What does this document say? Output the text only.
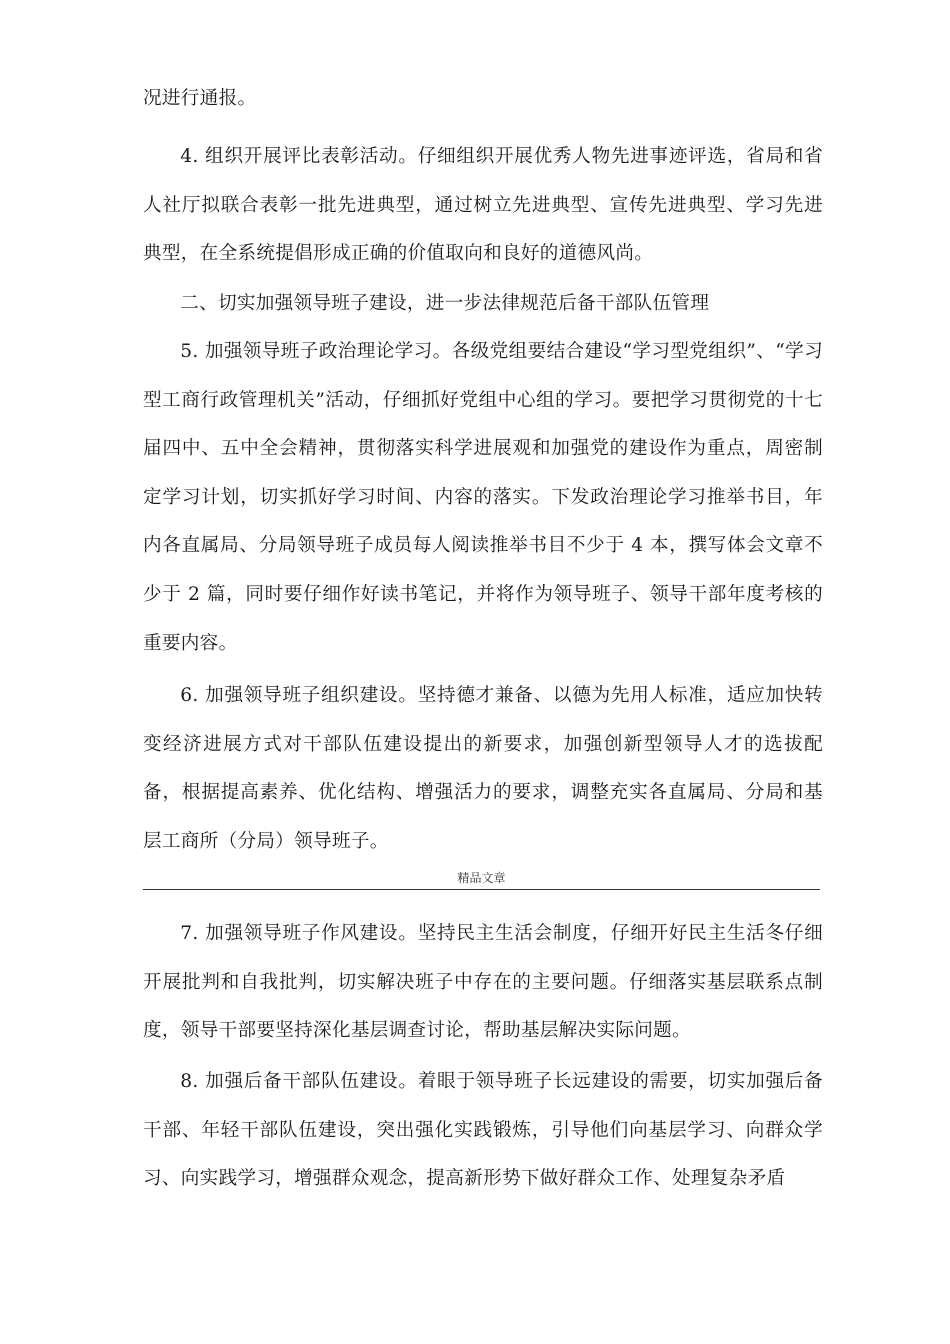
况进行通报。

4. 组织开展评比表彰活动。仔细组织开展优秀人物先进事迹评选，省局和省人社厅拟联合表彰一批先进典型，通过树立先进典型、宣传先进典型、学习先进典型，在全系统提倡形成正确的价值取向和良好的道德风尚。

二、切实加强领导班子建设，进一步法律规范后备干部队伍管理

5. 加强领导班子政治理论学习。各级党组要结合建设“学习型党组织”、“学习型工商行政管理机关”活动，仔细抓好党组中心组的学习。要把学习贯彻党的十七届四中、五中全会精神，贯彻落实科学进展观和加强党的建设作为重点，周密制定学习计划，切实抓好学习时间、内容的落实。下发政治理论学习推举书目，年内各直属局、分局领导班子成员每人阅读推举书目不少于 4 本，撰写体会文章不少于 2 篇，同时要仔细作好读书笔记，并将作为领导班子、领导干部年度考核的重要内容。

6. 加强领导班子组织建设。坚持德才兼备、以德为先用人标准，适应加快转变经济进展方式对干部队伍建设提出的新要求，加强创新型领导人才的选拔配备，根据提高素养、优化结构、增强活力的要求，调整充实各直属局、分局和基层工商所（分局）领导班子。

精品文章

7. 加强领导班子作风建设。坚持民主生活会制度，仔细开好民主生活冬仔细开展批判和自我批判，切实解决班子中存在的主要问题。仔细落实基层联系点制度，领导干部要坚持深化基层调查讨论，帮助基层解决实际问题。

8. 加强后备干部队伍建设。着眼于领导班子长远建设的需要，切实加强后备干部、年轻干部队伍建设，突出强化实践锻炼，引导他们向基层学习、向群众学习、向实践学习，增强群众观念，提高新形势下做好群众工作、处理复杂矛盾
